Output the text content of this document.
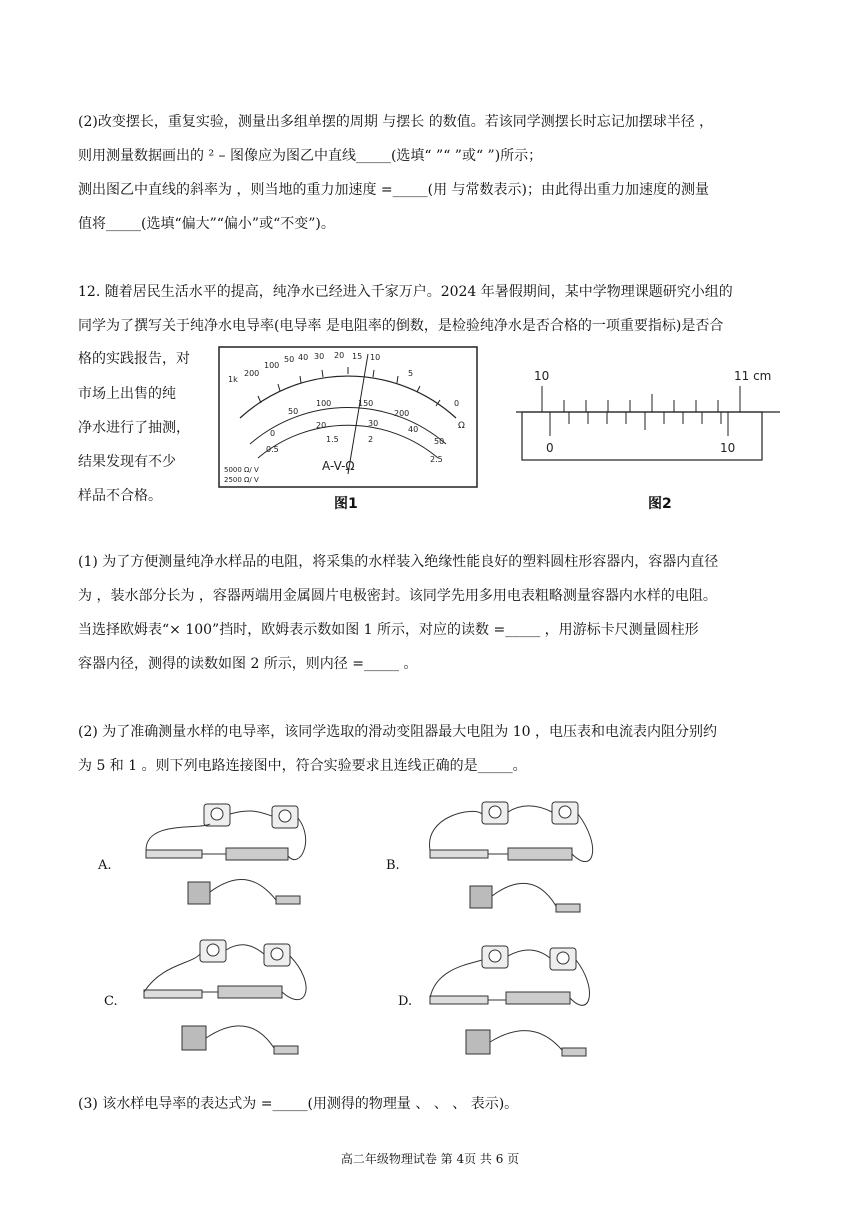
(2)改变摆长，重复实验，测量出多组单摆的周期 与摆长 的数值。若该同学测摆长时忘记加摆球半径 ，
则用测量数据画出的 ² – 图像应为图乙中直线_____(选填“ ”“ ”或“ ”)所示；
测出图乙中直线的斜率为 ，则当地的重力加速度 =_____(用 与常数表示)；由此得出重力加速度的测量
值将_____(选填“偏大”“偏小”或“不变”)。
12. 随着居民生活水平的提高，纯净水已经进入千家万户。2024 年暑假期间，某中学物理课题研究小组的
同学为了撰写关于纯净水电导率(电导率 是电阻率的倒数，是检验纯净水是否合格的一项重要指标)是否合
格的实践报告，对
市场上出售的纯
净水进行了抽测，
结果发现有不少
样品不合格。
1k
200
100
50 40 30 20 15 10
5
0
100	150
50	200
0
20	30
40
50
0.5
1.5	2
2.5
A-V-Ω
Ω
5000 Ω/ V
2500 Ω/ V
图1
10	11 cm
0	10
图2
(1) 为了方便测量纯净水样品的电阻，将采集的水样装入绝缘性能良好的塑料圆柱形容器内，容器内直径
为 ，装水部分长为 ，容器两端用金属圆片电极密封。该同学先用多用电表粗略测量容器内水样的电阻。
当选择欧姆表“× 100”挡时，欧姆表示数如图 1 所示，对应的读数 =_____ ，用游标卡尺测量圆柱形
容器内径，测得的读数如图 2 所示，则内径 =_____ 。
(2) 为了准确测量水样的电导率，该同学选取的滑动变阻器最大电阻为 10 ，电压表和电流表内阻分别约
为 5 和 1 。则下列电路连接图中，符合实验要求且连线正确的是_____。
A.	B.
C.	D.
(3) 该水样电导率的表达式为 =_____(用测得的物理量 、 、 、 表示)。
高二年级物理试卷 第 4页 共 6 页
